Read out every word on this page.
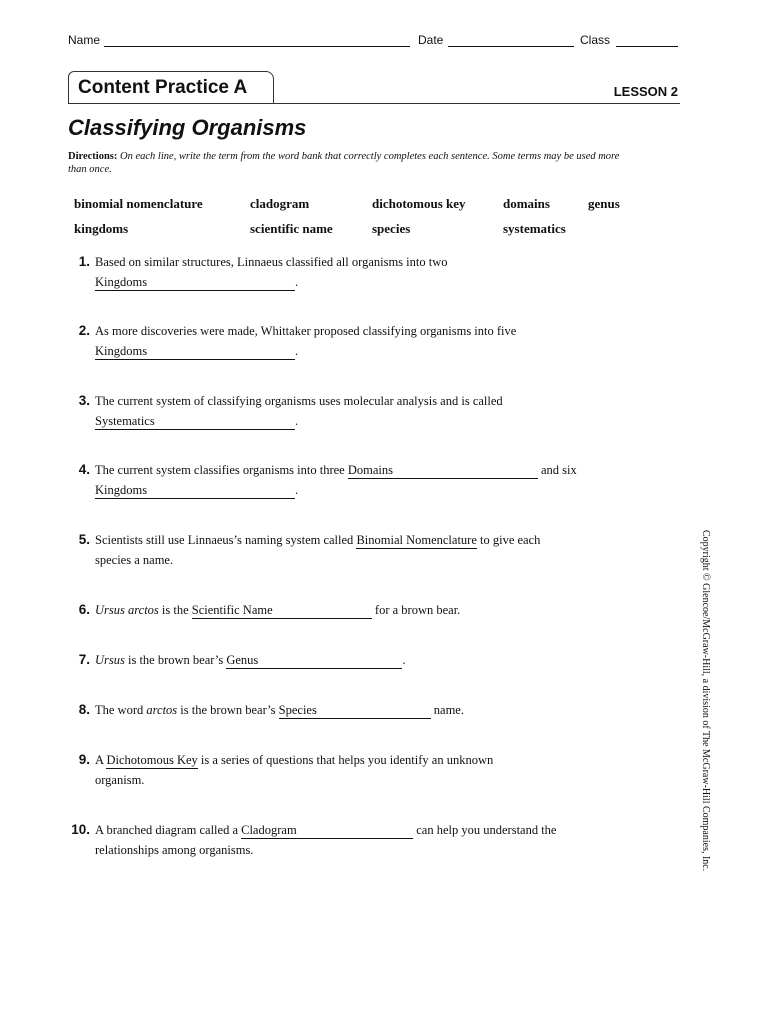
Name	Date	Class
Content Practice A	LESSON 2
Classifying Organisms
Directions: On each line, write the term from the word bank that correctly completes each sentence. Some terms may be used more than once.
binomial nomenclature	cladogram	dichotomous key	domains	genus
kingdoms	scientific name	species	systematics
1. Based on similar structures, Linnaeus classified all organisms into two
Kingdoms	.
2. As more discoveries were made, Whittaker proposed classifying organisms into five
Kingdoms	.
3. The current system of classifying organisms uses molecular analysis and is called
Systematics	.
4. The current system classifies organisms into three Domains	and six
Kingdoms	.
5. Scientists still use Linnaeus’s naming system called Binomial Nomenclature to give each species a name.
6. Ursus arctos is the Scientific Name	for a brown bear.
7. Ursus is the brown bear’s Genus	.
8. The word arctos is the brown bear’s Species	name.
9. A Dichotomous Key is a series of questions that helps you identify an unknown organism.
10. A branched diagram called a Cladogram	can help you understand the relationships among organisms.	Copyright © Glencoe/McGraw-Hill, a division of The McGraw-Hill Companies, Inc.
